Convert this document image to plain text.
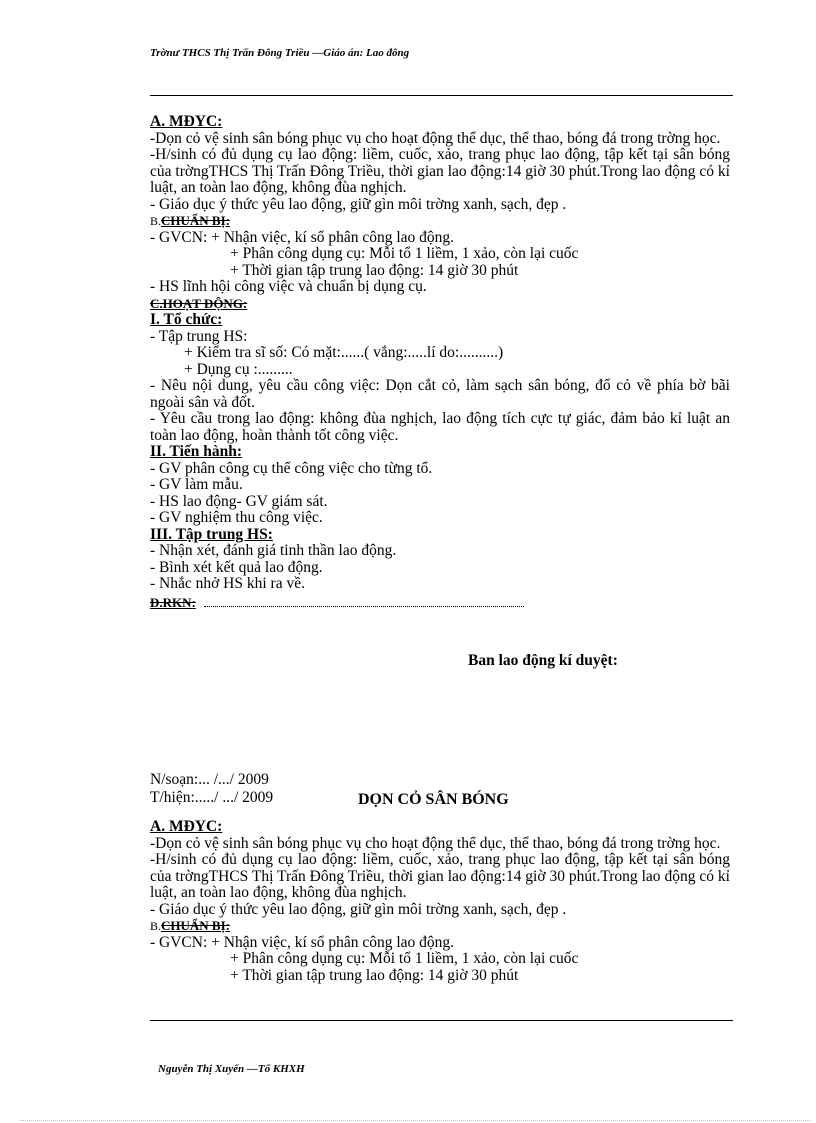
Trờnư THCS Thị Trấn Đông Triều —Giáo án: Lao đông

A. MĐYC:

-Dọn cỏ vệ sinh sân bóng phục vụ cho hoạt động thể dục, thể thao, bóng đá trong trờng học.

-H/sinh có đủ dụng cụ lao động: liềm, cuốc, xảo, trang phục lao động, tập kết tại sân bóng của trờngTHCS Thị Trấn Đông Triều, thời gian lao động:14 giờ 30 phút.Trong lao động có kỉ luật, an toàn lao động, không đùa nghịch.

- Giáo dục ý thức yêu lao động, giữ gìn môi trờng xanh, sạch, đẹp .

$^{B.}$CHUẨN BỊ:

- GVCN: + Nhận việc, kí sổ phân công lao động.

+ Phân công dụng cụ: Mỗi tổ 1 liềm, 1 xảo, còn lại cuốc

+ Thời gian tập trung lao động: 14 giờ 30 phút

- HS lĩnh hội công việc và chuẩn bị dụng cụ.

C.HOẠT ĐỘNG:

I. Tổ chức:

- Tập trung HS:

+ Kiểm tra sĩ số: Có mặt:......( vắng:.....lí do:..........)

+ Dụng cụ :.........

- Nêu nội dung, yêu cầu công việc: Dọn cắt cỏ, làm sạch sân bóng, đổ cỏ về phía bờ bãi ngoài sân và đốt.

- Yêu cầu trong lao động: không đùa nghịch, lao động tích cực tự giác, đảm bảo kỉ luật an toàn lao động, hoàn thành tốt công việc.

II. Tiến hành:

- GV phân công cụ thể công việc cho từng tổ.

- GV làm mẫu.

- HS lao động- GV giám sát.

- GV nghiệm thu công việc.

III. Tập trung HS:

- Nhận xét, đánh giá tinh thần lao động.

- Bình xét kết quả lao động.

- Nhắc nhở HS khi ra về.

D.RKN:

Ban lao động kí duyệt:
N/soạn:... /.../ 2009
T/hiện:...../ .../ 2009	DỌN CỎ SÂN BÓNG

A. MĐYC:

-Dọn cỏ vệ sinh sân bóng phục vụ cho hoạt động thể dục, thể thao, bóng đá trong trờng học.

-H/sinh có đủ dụng cụ lao động: liềm, cuốc, xảo, trang phục lao động, tập kết tại sân bóng của trờngTHCS Thị Trấn Đông Triều, thời gian lao động:14 giờ 30 phút.Trong lao động có kỉ luật, an toàn lao động, không đùa nghịch.

- Giáo dục ý thức yêu lao động, giữ gìn môi trờng xanh, sạch, đẹp .

$^{B.}$CHUẨN BỊ:

- GVCN: + Nhận việc, kí sổ phân công lao động.

+ Phân công dụng cụ: Mỗi tổ 1 liềm, 1 xảo, còn lại cuốc

+ Thời gian tập trung lao động: 14 giờ 30 phút

Nguyễn Thị Xuyến —Tổ KHXH
